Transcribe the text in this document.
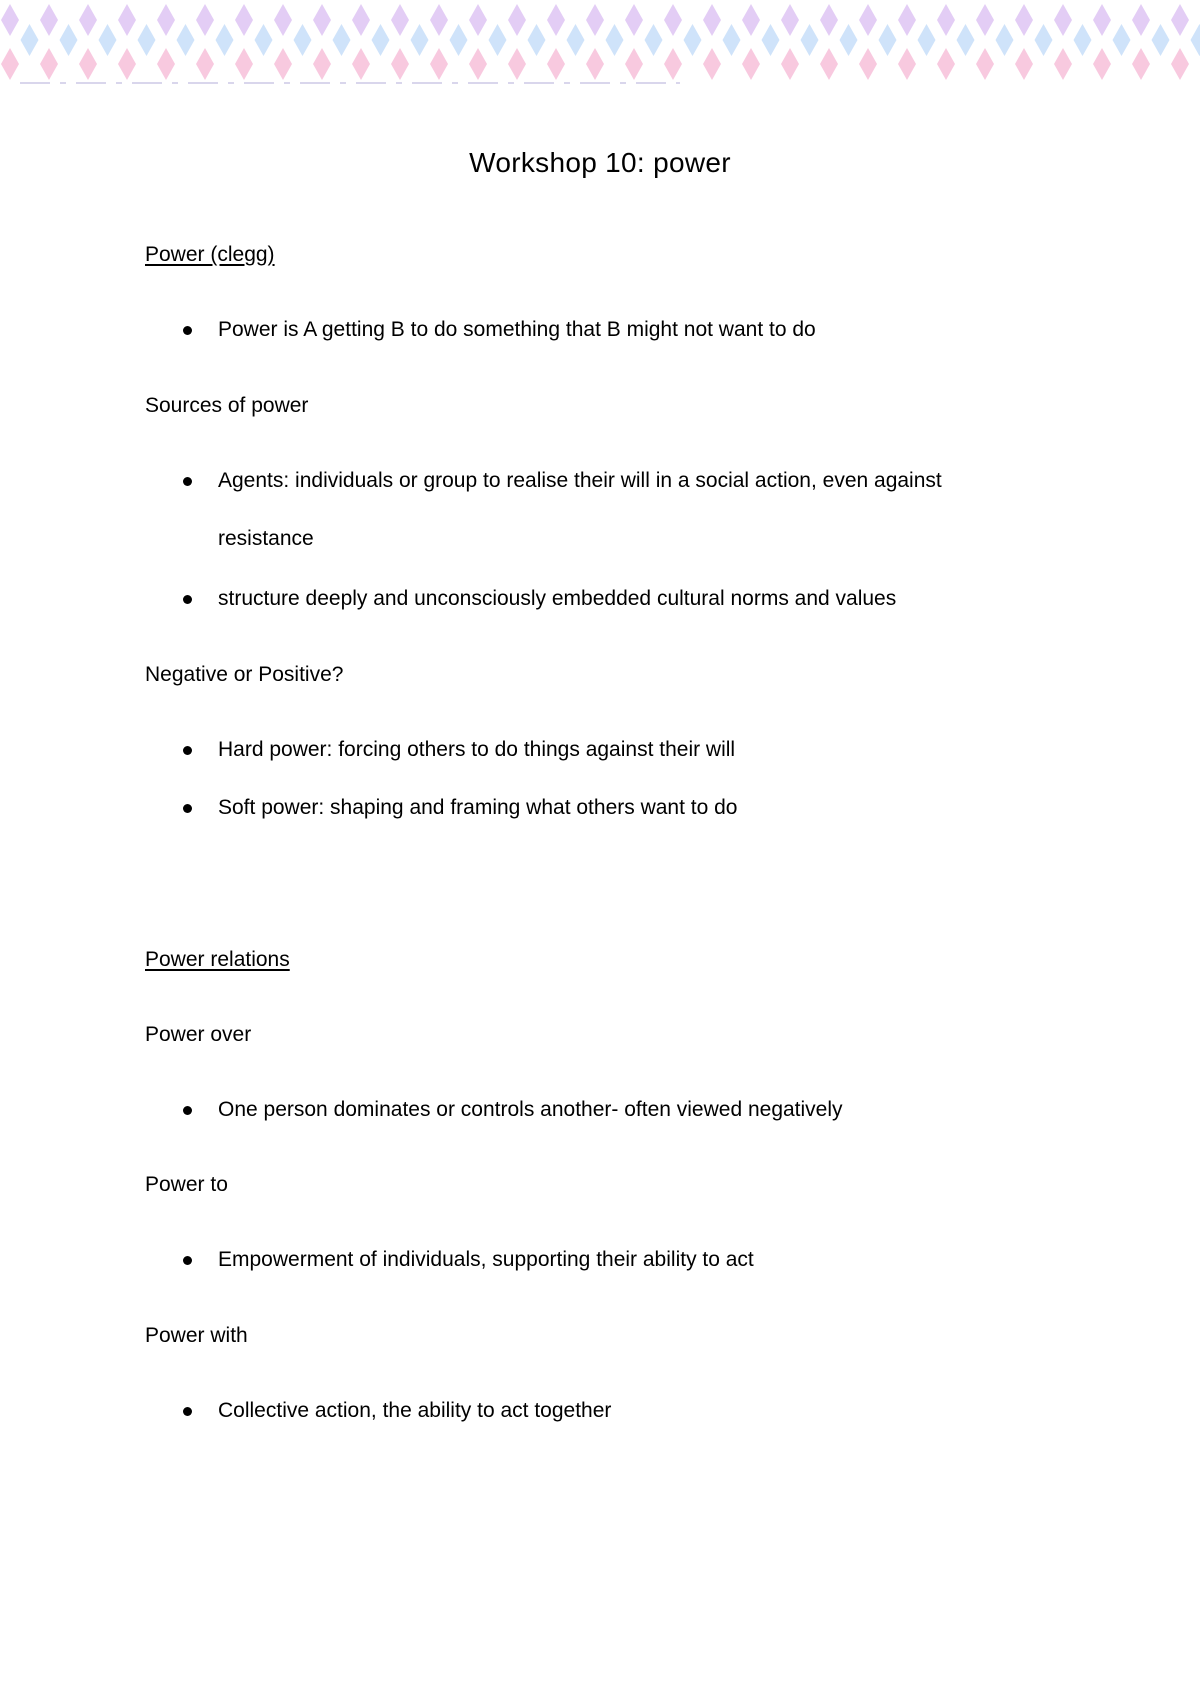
Workshop 10: power
Power (clegg)
Power is A getting B to do something that B might not want to do
Sources of power
Agents: individuals or group to realise their will in a social action, even against resistance
structure deeply and unconsciously embedded cultural norms and values
Negative or Positive?
Hard power: forcing others to do things against their will
Soft power: shaping and framing what others want to do
Power relations
Power over
One person dominates or controls another- often viewed negatively
Power to
Empowerment of individuals, supporting their ability to act
Power with
Collective action, the ability to act together
